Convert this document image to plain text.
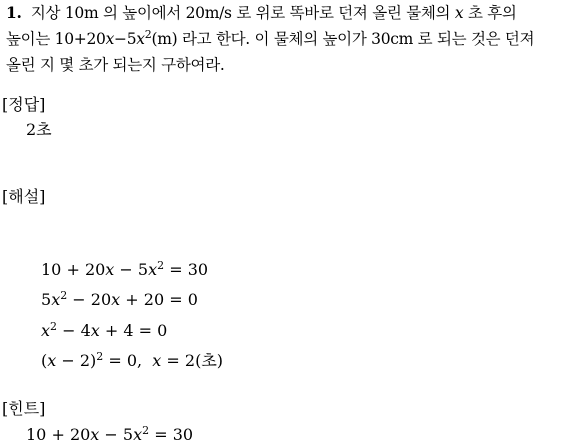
1. 지상 10m 의 높이에서 20m/s 로 위로 똑바로 던져 올린 물체의 x 초 후의
높이는 $10+20x-5x^2(m)$ 라고 한다. 이 물체의 높이가 30cm 로 되는 것은 던져
올린 지 몇 초가 되는지 구하여라.
[정답]
2초
[해설]
$10 + 20x - 5x^2 = 30$
$5x^2 - 20x + 20 = 0$
$x^2 - 4x + 4 = 0$
$(x - 2)^2 = 0$,  x = 2(초)
[힌트]
$10 + 20x - 5x^2 = 30$
